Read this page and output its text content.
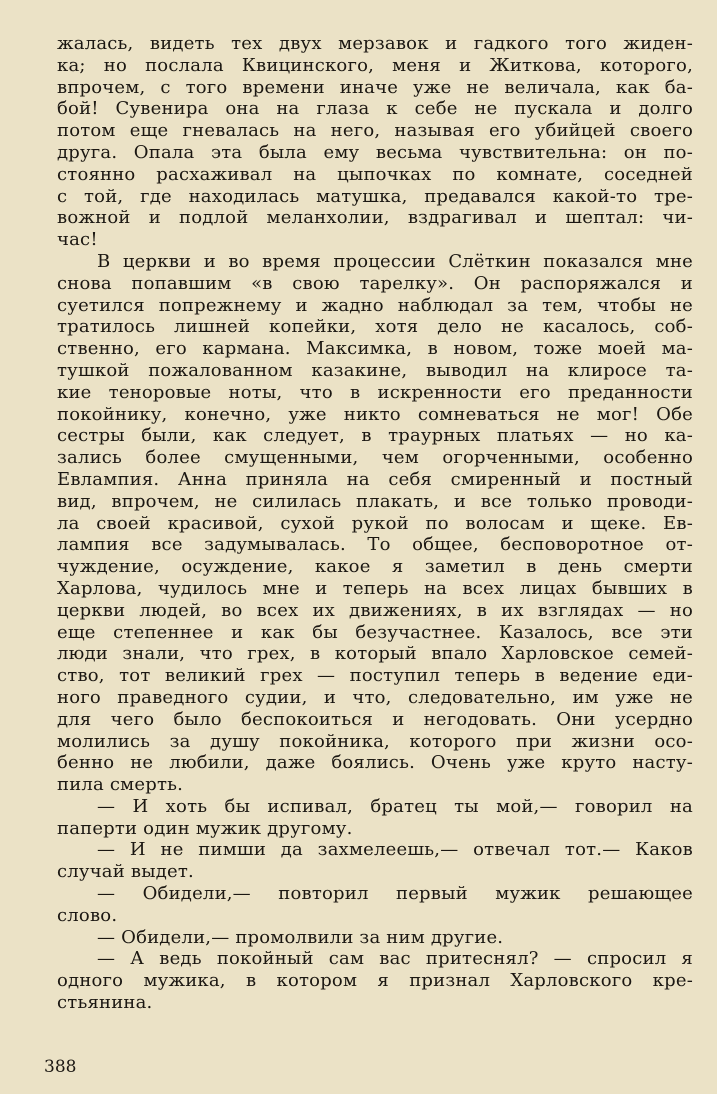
жалась, видеть тех двух мерзавок и гадкого того жиден-
ка; но послала Квицинского, меня и Житкова, которого,
впрочем, с того времени иначе уже не величала, как ба-
бой! Сувенира она на глаза к себе не пускала и долго
потом еще гневалась на него, называя его убийцей своего
друга. Опала эта была ему весьма чувствительна: он по-
стоянно расхаживал на цыпочках по комнате, соседней
с той, где находилась матушка, предавался какой-то тре-
вожной и подлой меланхолии, вздрагивал и шептал: чи-
час!
В церкви и во время процессии Слёткин показался мне
снова попавшим «в свою тарелку». Он распоряжался и
суетился попрежнему и жадно наблюдал за тем, чтобы не
тратилось лишней копейки, хотя дело не касалось, соб-
ственно, его кармана. Максимка, в новом, тоже моей ма-
тушкой пожалованном казакине, выводил на клиросе та-
кие теноровые ноты, что в искренности его преданности
покойнику, конечно, уже никто сомневаться не мог! Обе
сестры были, как следует, в траурных платьях — но ка-
зались более смущенными, чем огорченными, особенно
Евлампия. Анна приняла на себя смиренный и постный
вид, впрочем, не силилась плакать, и все только проводи-
ла своей красивой, сухой рукой по волосам и щеке. Ев-
лампия все задумывалась. То общее, бесповоротное от-
чуждение, осуждение, какое я заметил в день смерти
Харлова, чудилось мне и теперь на всех лицах бывших в
церкви людей, во всех их движениях, в их взглядах — но
еще степеннее и как бы безучастнее. Казалось, все эти
люди знали, что грех, в который впало Харловское семей-
ство, тот великий грех — поступил теперь в ведение еди-
ного праведного судии, и что, следовательно, им уже не
для чего было беспокоиться и негодовать. Они усердно
молились за душу покойника, которого при жизни осо-
бенно не любили, даже боялись. Очень уже круто насту-
пила смерть.
— И хоть бы испивал, братец ты мой,— говорил на
паперти один мужик другому.
— И не пимши да захмелеешь,— отвечал тот.— Каков
случай выдет.
— Обидели,— повторил первый мужик решающее
слово.
— Обидели,— промолвили за ним другие.
— А ведь покойный сам вас притеснял? — спросил я
одного мужика, в котором я признал Харловского кре-
стьянина.
388
